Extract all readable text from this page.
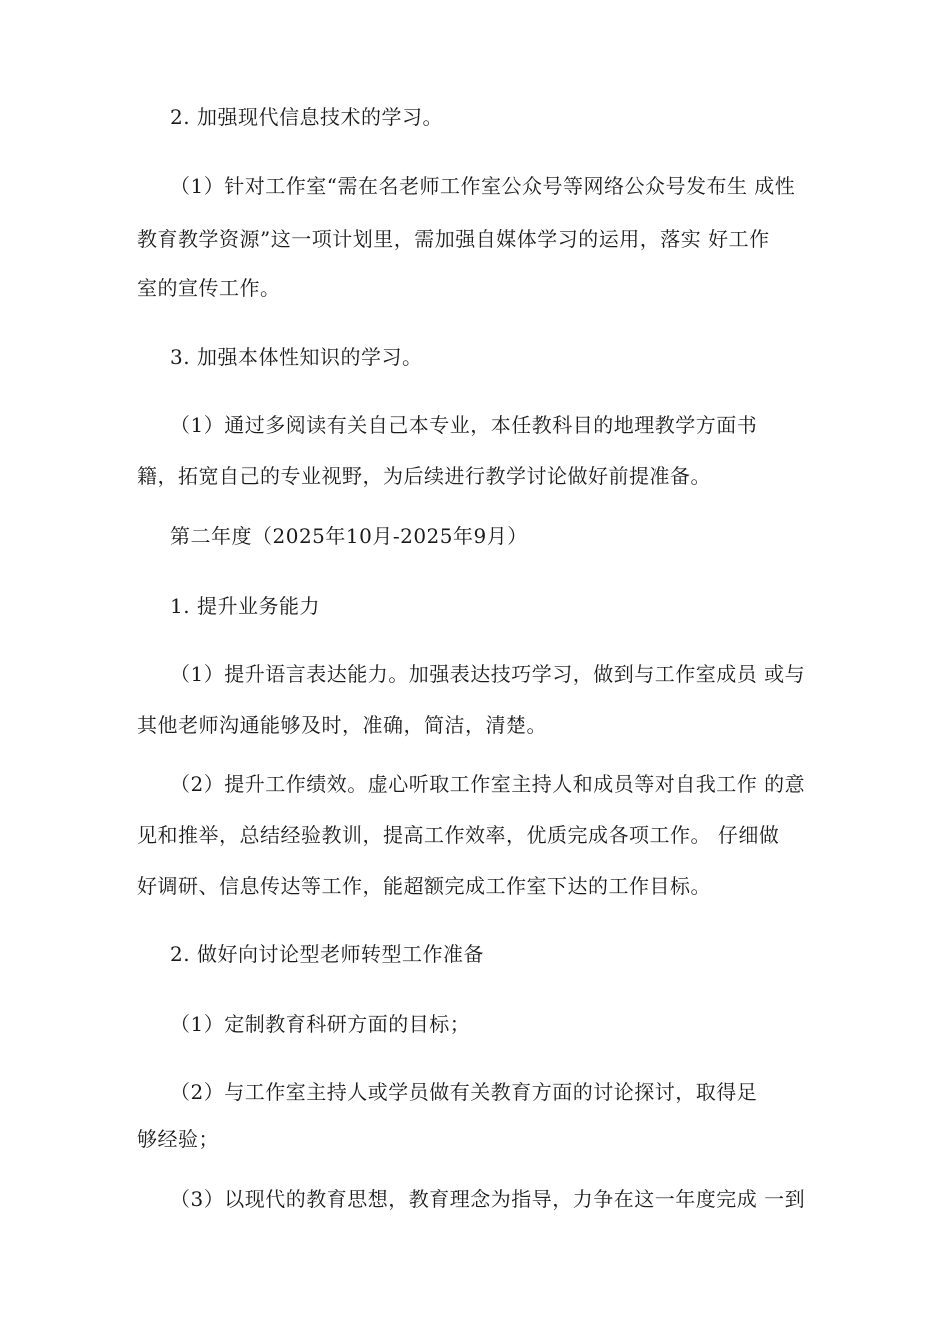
2. 加强现代信息技术的学习。
（1）针对工作室“需在名老师工作室公众号等网络公众号发布生 成性
教育教学资源”这一项计划里，需加强自媒体学习的运用，落实 好工作
室的宣传工作。
3. 加强本体性知识的学习。
（1）通过多阅读有关自己本专业，本任教科目的地理教学方面书
籍，拓宽自己的专业视野，为后续进行教学讨论做好前提准备。
第二年度（2025年10月-2025年9月）
1. 提升业务能力
（1）提升语言表达能力。加强表达技巧学习，做到与工作室成员 或与
其他老师沟通能够及时，准确，简洁，清楚。
（2）提升工作绩效。虚心听取工作室主持人和成员等对自我工作 的意
见和推举，总结经验教训，提高工作效率，优质完成各项工作。 仔细做
好调研、信息传达等工作，能超额完成工作室下达的工作目标。
2. 做好向讨论型老师转型工作准备
（1）定制教育科研方面的目标；
（2）与工作室主持人或学员做有关教育方面的讨论探讨，取得足
够经验；
（3）以现代的教育思想，教育理念为指导，力争在这一年度完成 一到
